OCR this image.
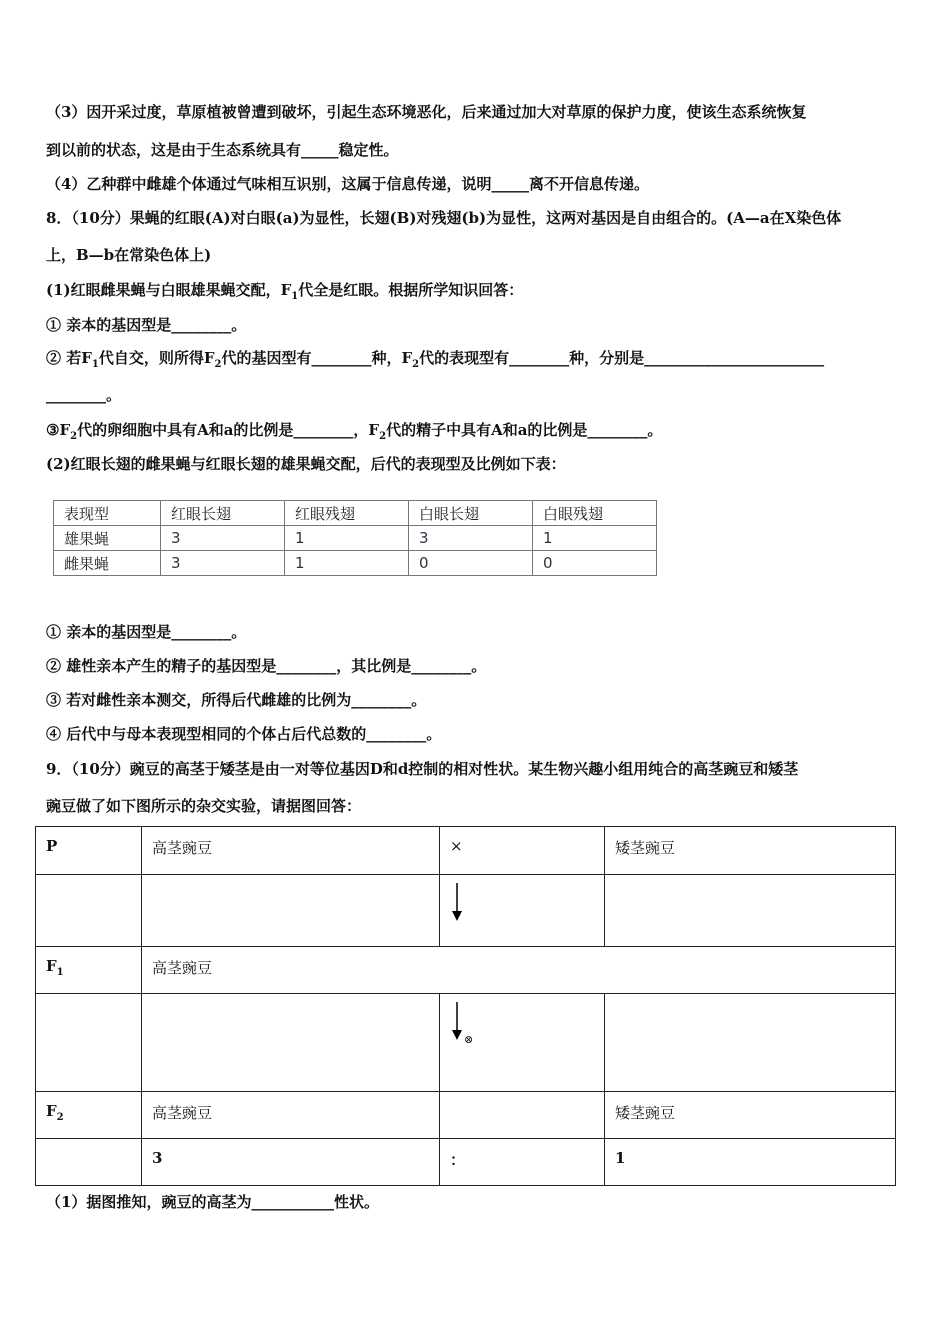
（3）因开采过度，草原植被曾遭到破坏，引起生态环境恶化，后来通过加大对草原的保护力度，使该生态系统恢复
到以前的状态，这是由于生态系统具有_____稳定性。
（4）乙种群中雌雄个体通过气味相互识别，这属于信息传递，说明_____离不开信息传递。
8．（10分）果蝇的红眼(A)对白眼(a)为显性，长翅(B)对残翅(b)为显性，这两对基因是自由组合的。(A—a在X染色体
上，B—b在常染色体上)
(1)红眼雌果蝇与白眼雄果蝇交配，$F_1$代全是红眼。根据所学知识回答：
① 亲本的基因型是________。
② 若$F_1$代自交，则所得$F_2$代的基因型有________种，$F_2$代的表现型有________种，分别是________________________
________。
$③F_2$代的卵细胞中具有A和a的比例是________，$F_2$代的精子中具有A和a的比例是________。
(2)红眼长翅的雌果蝇与红眼长翅的雄果蝇交配，后代的表现型及比例如下表：
表现型	红眼长翅	红眼残翅	白眼长翅	白眼残翅
雄果蝇	3	1	3	1
雌果蝇	3	1	0	0
① 亲本的基因型是________。
② 雄性亲本产生的精子的基因型是________，其比例是________。
③ 若对雌性亲本测交，所得后代雌雄的比例为________。
④ 后代中与母本表现型相同的个体占后代总数的________。
9．（10分）豌豆的高茎于矮茎是由一对等位基因D和d控制的相对性状。某生物兴趣小组用纯合的高茎豌豆和矮茎
豌豆做了如下图所示的杂交实验，请据图回答：
P	高茎豌豆	×	矮茎豌豆

$F_1$	高茎豌豆		
		⊗	
$F_2$	高茎豌豆		矮茎豌豆
	3	：	1
（1）据图推知，豌豆的高茎为___________性状。
